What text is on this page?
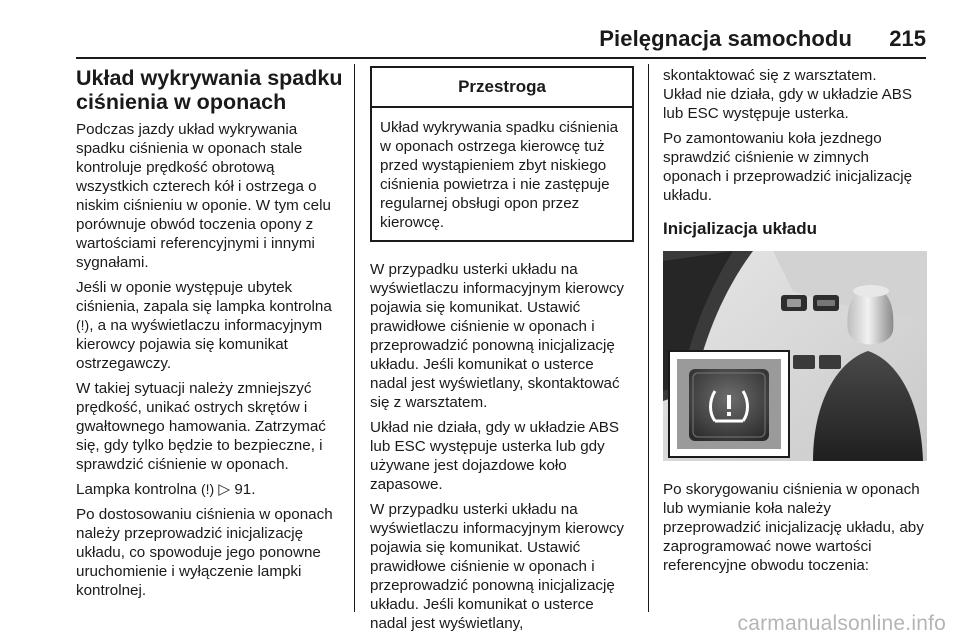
Pielęgnacja samochodu 215
Układ wykrywania spadku ciśnienia w oponach

Podczas jazdy układ wykrywania spadku ciśnienia w oponach stale kontroluje prędkość obrotową wszystkich czterech kół i ostrzega o niskim ciśnieniu w oponie. W tym celu porównuje obwód toczenia opony z wartościami referencyjnymi i innymi sygnałami.

Jeśli w oponie występuje ubytek ciśnienia, zapala się lampka kontrolna (!), a na wyświetlaczu informacyjnym kierowcy pojawia się komunikat ostrzegawczy.

W takiej sytuacji należy zmniejszyć prędkość, unikać ostrych skrętów i gwałtownego hamowania. Zatrzymać się, gdy tylko będzie to bezpieczne, i sprawdzić ciśnienie w oponach.

Lampka kontrolna (!) ▷ 91.

Po dostosowaniu ciśnienia w oponach należy przeprowadzić inicjalizację układu, co spowoduje jego ponowne uruchomienie i wyłączenie lampki kontrolnej.

Przestroga
Układ wykrywania spadku ciśnienia w oponach ostrzega kierowcę tuż przed wystąpieniem zbyt niskiego ciśnienia powietrza i nie zastępuje regularnej obsługi opon przez kierowcę.

W przypadku usterki układu na wyświetlaczu informacyjnym kierowcy pojawia się komunikat. Ustawić prawidłowe ciśnienie w oponach i przeprowadzić ponowną inicjalizację układu. Jeśli komunikat o usterce nadal jest wyświetlany, skontaktować się z warsztatem.

Układ nie działa, gdy w układzie ABS lub ESC występuje usterka lub gdy używane jest dojazdowe koło zapasowe.

W przypadku usterki układu na wyświetlaczu informacyjnym kierowcy pojawia się komunikat. Ustawić prawidłowe ciśnienie w oponach i przeprowadzić ponowną inicjalizację układu. Jeśli komunikat o usterce nadal jest wyświetlany,

skontaktować się z warsztatem.

Układ nie działa, gdy w układzie ABS lub ESC występuje usterka.

Po zamontowaniu koła jezdnego sprawdzić ciśnienie w zimnych oponach i przeprowadzić inicjalizację układu.

Inicjalizacja układu

Po skorygowaniu ciśnienia w oponach lub wymianie koła należy przeprowadzić inicjalizację układu, aby zaprogramować nowe wartości referencyjne obwodu toczenia:

carmanualsonline.info
